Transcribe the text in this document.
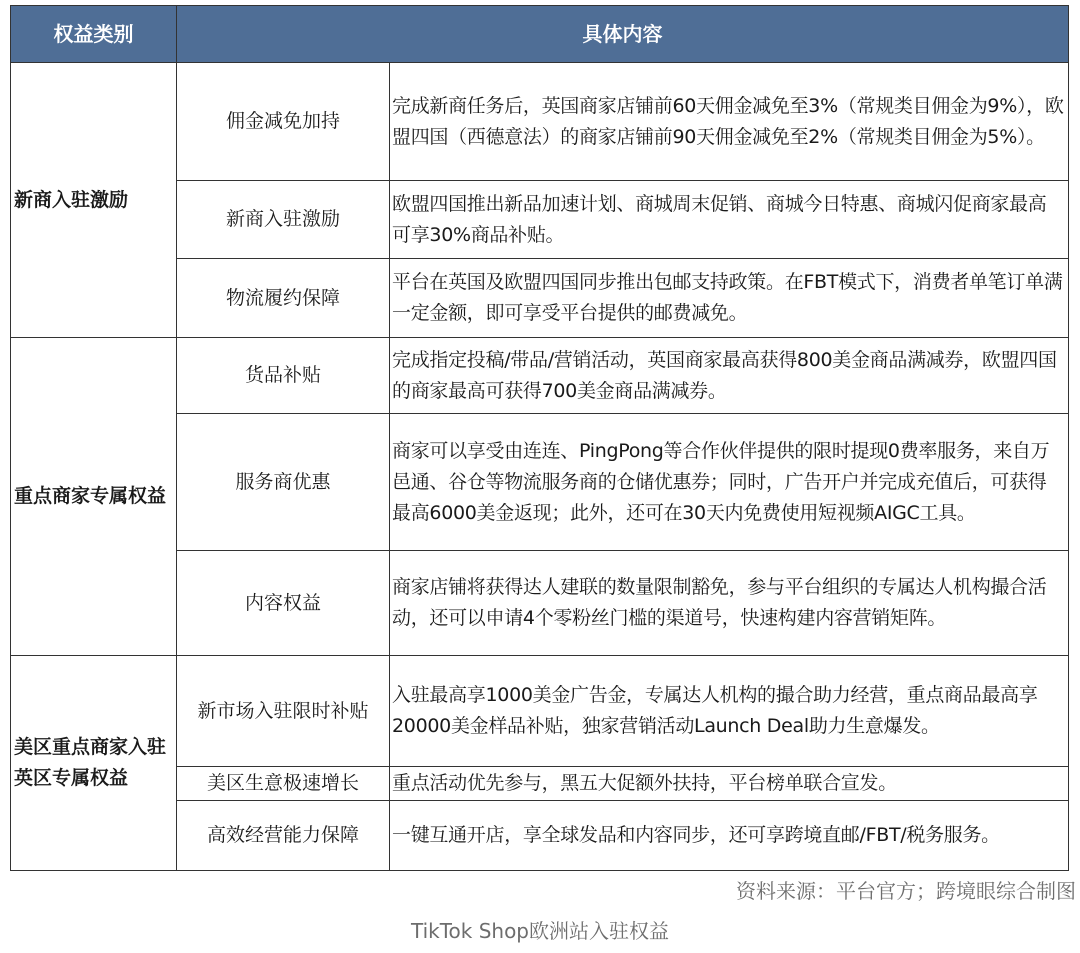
权益类别	具体内容	
新商入驻激励	佣金减免加持	完成新商任务后，英国商家店铺前60天佣金减免至3%（常规类目佣金为9%），欧盟四国（西德意法）的商家店铺前90天佣金减免至2%（常规类目佣金为5%）。
	新商入驻激励	欧盟四国推出新品加速计划、商城周末促销、商城今日特惠、商城闪促商家最高可享30%商品补贴。
	物流履约保障	平台在英国及欧盟四国同步推出包邮支持政策。在FBT模式下，消费者单笔订单满一定金额，即可享受平台提供的邮费减免。
重点商家专属权益	货品补贴	完成指定投稿/带品/营销活动，英国商家最高获得800美金商品满减券，欧盟四国的商家最高可获得700美金商品满减券。
	服务商优惠	商家可以享受由连连、PingPong等合作伙伴提供的限时提现0费率服务，来自万邑通、谷仓等物流服务商的仓储优惠券；同时，广告开户并完成充值后，可获得最高6000美金返现；此外，还可在30天内免费使用短视频AIGC工具。
	内容权益	商家店铺将获得达人建联的数量限制豁免，参与平台组织的专属达人机构撮合活动，还可以申请4个零粉丝门槛的渠道号，快速构建内容营销矩阵。
美区重点商家入驻英区专属权益	新市场入驻限时补贴	入驻最高享1000美金广告金，专属达人机构的撮合助力经营，重点商品最高享20000美金样品补贴，独家营销活动Launch Deal助力生意爆发。
	美区生意极速增长	重点活动优先参与，黑五大促额外扶持，平台榜单联合宣发。
	高效经营能力保障	一键互通开店，享全球发品和内容同步，还可享跨境直邮/FBT/税务服务。
资料来源：平台官方；跨境眼综合制图
TikTok Shop欧洲站入驻权益
